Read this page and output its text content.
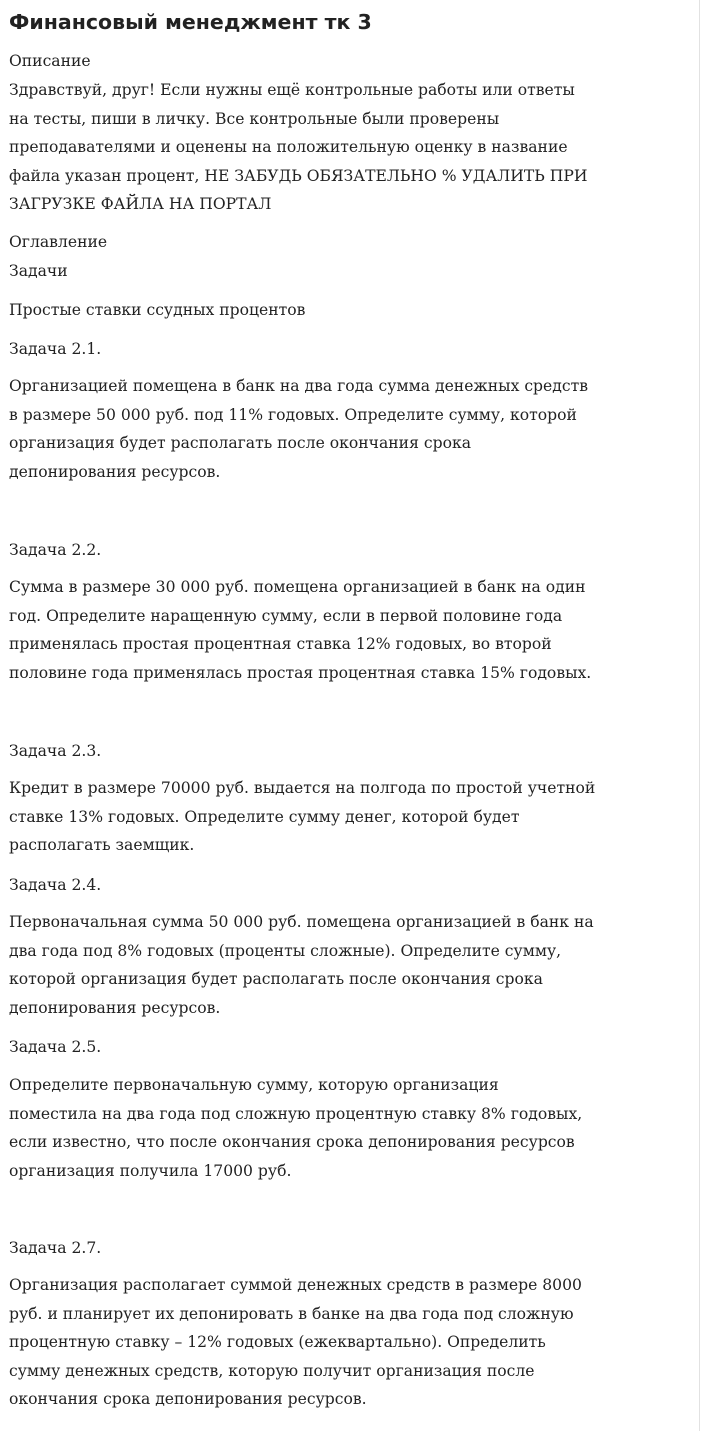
Финансовый менеджмент тк 3
Описание
Здравствуй, друг! Если нужны ещё контрольные работы или ответы
на тесты, пиши в личку. Все контрольные были проверены
преподавателями и оценены на положительную оценку в название
файла указан процент, НЕ ЗАБУДЬ ОБЯЗАТЕЛЬНО % УДАЛИТЬ ПРИ
ЗАГРУЗКЕ ФАЙЛА НА ПОРТАЛ
Оглавление
Задачи
Простые ставки ссудных процентов
Задача 2.1.
Организацией помещена в банк на два года сумма денежных средств
в размере 50 000 руб. под 11% годовых. Определите сумму, которой
организация будет располагать после окончания срока
депонирования ресурсов.
Задача 2.2.
Сумма в размере 30 000 руб. помещена организацией в банк на один
год. Определите наращенную сумму, если в первой половине года
применялась простая процентная ставка 12% годовых, во второй
половине года применялась простая процентная ставка 15% годовых.
Задача 2.3.
Кредит в размере 70000 руб. выдается на полгода по простой учетной
ставке 13% годовых. Определите сумму денег, которой будет
располагать заемщик.
Задача 2.4.
Первоначальная сумма 50 000 руб. помещена организацией в банк на
два года под 8% годовых (проценты сложные). Определите сумму,
которой организация будет располагать после окончания срока
депонирования ресурсов.
Задача 2.5.
Определите первоначальную сумму, которую организация
поместила на два года под сложную процентную ставку 8% годовых,
если известно, что после окончания срока депонирования ресурсов
организация получила 17000 руб.
Задача 2.7.
Организация располагает суммой денежных средств в размере 8000
руб. и планирует их депонировать в банке на два года под сложную
процентную ставку – 12% годовых (ежеквартально). Определить
сумму денежных средств, которую получит организация после
окончания срока депонирования ресурсов.
